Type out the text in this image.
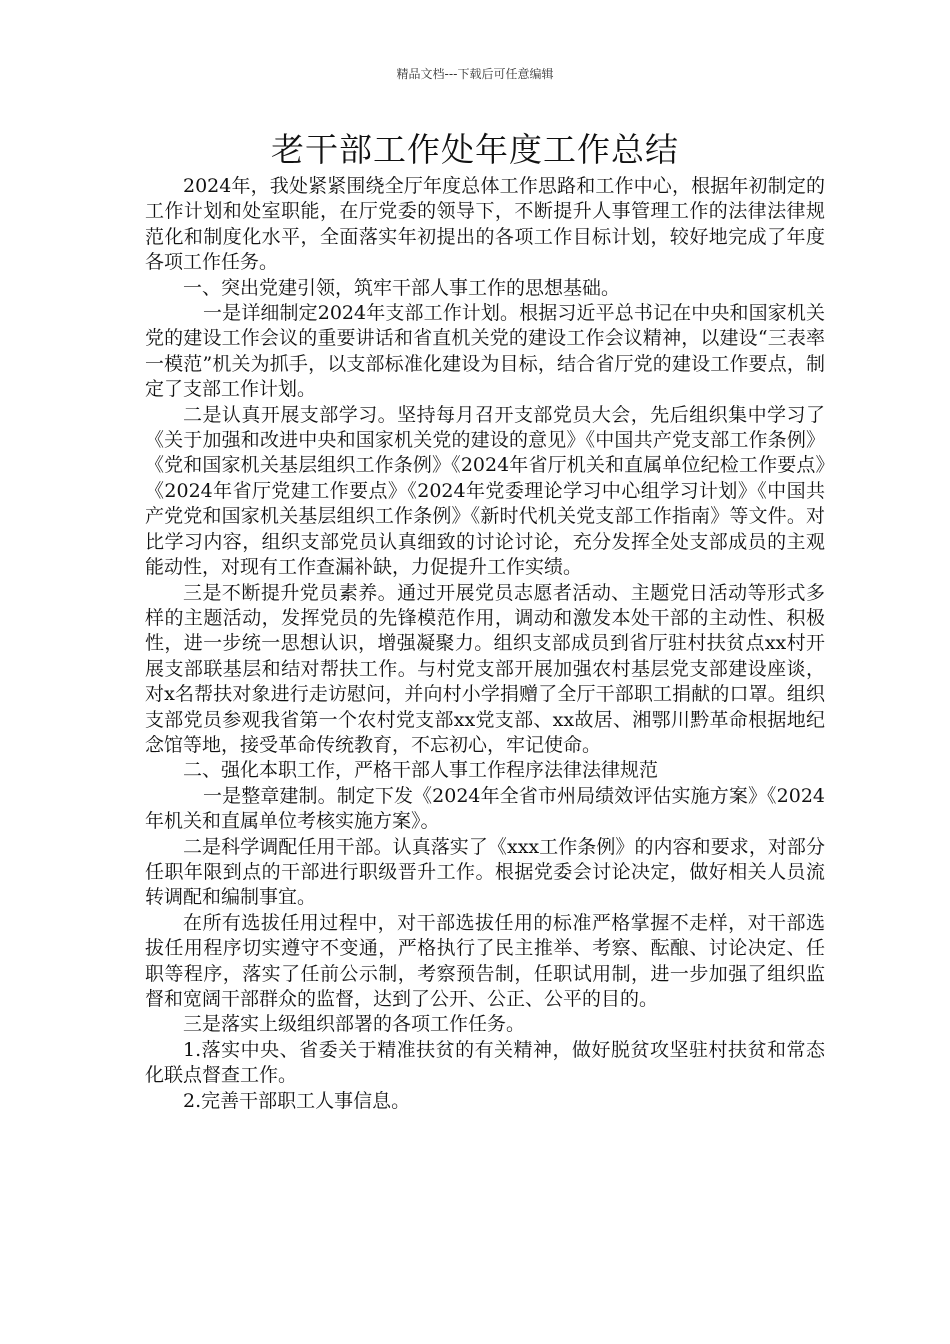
精品文档---下载后可任意编辑
老干部工作处年度工作总结

2024年，我处紧紧围绕全厅年度总体工作思路和工作中心，根据年初制定的工作计划和处室职能，在厅党委的领导下，不断提升人事管理工作的法律法律规范化和制度化水平，全面落实年初提出的各项工作目标计划，较好地完成了年度各项工作任务。

一、突出党建引领，筑牢干部人事工作的思想基础。

一是详细制定2024年支部工作计划。根据习近平总书记在中央和国家机关党的建设工作会议的重要讲话和省直机关党的建设工作会议精神，以建设“三表率一模范”机关为抓手，以支部标准化建设为目标，结合省厅党的建设工作要点，制定了支部工作计划。

二是认真开展支部学习。坚持每月召开支部党员大会，先后组织集中学习了《关于加强和改进中央和国家机关党的建设的意见》《中国共产党支部工作条例》《党和国家机关基层组织工作条例》《2024年省厅机关和直属单位纪检工作要点》《2024年省厅党建工作要点》《2024年党委理论学习中心组学习计划》《中国共产党党和国家机关基层组织工作条例》《新时代机关党支部工作指南》等文件。对比学习内容，组织支部党员认真细致的讨论讨论，充分发挥全处支部成员的主观能动性，对现有工作查漏补缺，力促提升工作实绩。

三是不断提升党员素养。通过开展党员志愿者活动、主题党日活动等形式多样的主题活动，发挥党员的先锋模范作用，调动和激发本处干部的主动性、积极性，进一步统一思想认识，增强凝聚力。组织支部成员到省厅驻村扶贫点xx村开展支部联基层和结对帮扶工作。与村党支部开展加强农村基层党支部建设座谈，对x名帮扶对象进行走访慰问，并向村小学捐赠了全厅干部职工捐献的口罩。组织支部党员参观我省第一个农村党支部xx党支部、xx故居、湘鄂川黔革命根据地纪念馆等地，接受革命传统教育，不忘初心，牢记使命。

二、强化本职工作，严格干部人事工作程序法律法律规范

一是整章建制。制定下发《2024年全省市州局绩效评估实施方案》《2024年机关和直属单位考核实施方案》。

二是科学调配任用干部。认真落实了《xxx工作条例》的内容和要求，对部分任职年限到点的干部进行职级晋升工作。根据党委会讨论决定，做好相关人员流转调配和编制事宜。

在所有选拔任用过程中，对干部选拔任用的标准严格掌握不走样，对干部选拔任用程序切实遵守不变通，严格执行了民主推举、考察、酝酿、讨论决定、任职等程序，落实了任前公示制，考察预告制，任职试用制，进一步加强了组织监督和宽阔干部群众的监督，达到了公开、公正、公平的目的。

三是落实上级组织部署的各项工作任务。

1.落实中央、省委关于精准扶贫的有关精神，做好脱贫攻坚驻村扶贫和常态化联点督查工作。

2.完善干部职工人事信息。
